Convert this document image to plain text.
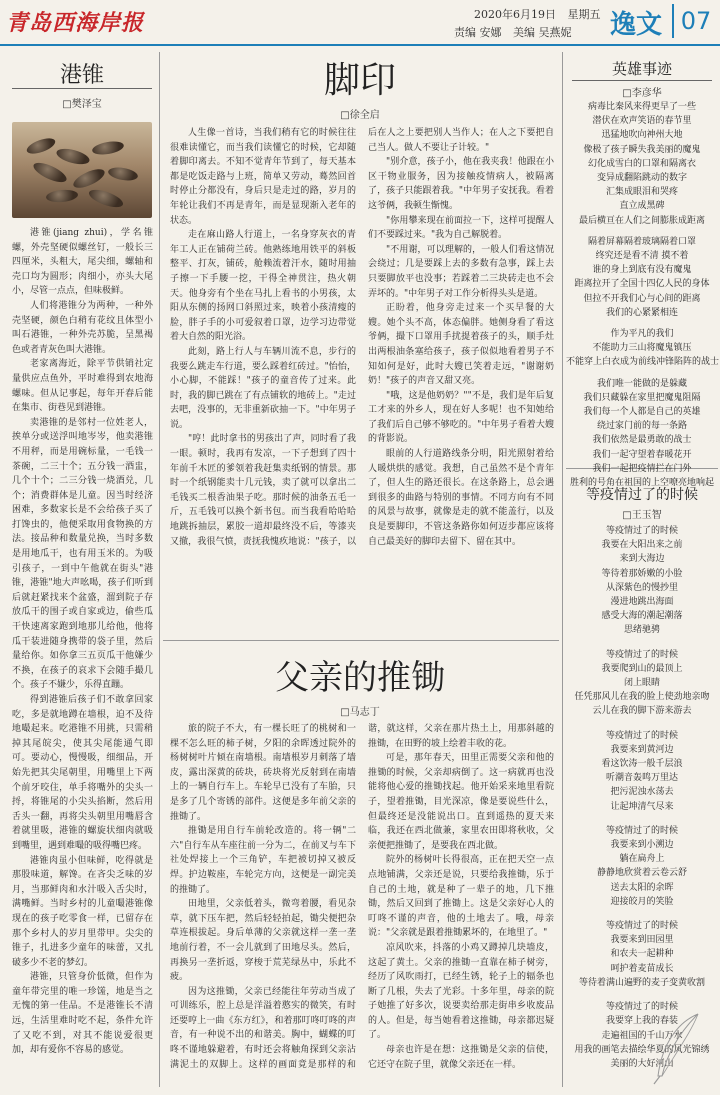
青岛西海岸报	2020年6月19日 星期五
责编 安娜 美编 吴燕妮	逸文 07
港锥
□樊泽宝

港锥(jiang zhui)，学名锥螺，外壳坚硬似螺丝钉，一般长三四厘米，头粗大，尾尖细，螺轴和壳口均为圆形；肉细小，亦头大尾小，尽管一点点，但味极鲜。

人们将港锥分为两种，一种外壳坚硬，颜色白稍有花纹且体型小叫石港锥，一种外壳苏脆，呈黑褐色或者青灰色叫大港锥。

老家离海近，除平节供销社定量供应点鱼外，平时难得到农地海螺味。但从记事起，每年开春后能在集市、街巷见到港锥。

卖港锥的是邻村一位姓老人，挨单分或送浮叫地岑岑，他卖港锥不用秤，而是用碗标量，一毛钱一茶碗，二三十个；五分钱一酒盅，几个十个；二三分钱一烧酒兑，几个；消费群体是儿童。因当时经济困难，多数家长是不会给孩子买了打馋虫的，他便采取用食物换的方法。接品种和数量兑换，当时多数是用地瓜干，也有用玉米的。为吸引孩子，一到中午他就在街头"港锥，港锥"地大声吆喝，孩子们听到后就赶紧找来个盆盛，溜到院子存放瓜干的围子或自家或边，偷些瓜干快速离家跑到地那儿给他，他将瓜干装进随身携带的袋子里，然后量给你。如你拿三五页瓜干他嫌少不换，在孩子的哀求下会随手撮几个。孩子不嫌少，乐得直蹦。

得到港锥后孩子们不敢拿回家吃，多是就地蹲在墙根，迫不及待地嘬起来。吃港锥不用挑，只需稍掉其尾皖尖，使其尖尾能通气即可。要动心，慢慢吸，细细品，开始先把其尖尾朝里，用嘴里上下两个前牙咬住，单手将嘴外的尖头一捋，将锥尾的小尖头掐断，然后用舌头一翻，再将尖头朝里用嘴唇含着就里吸，港锥的螺旋状细肉就吸到嘴里，遇到难嘬的吸得嘴巴疼。

港锥肉虽小但味鲜，吃得就是那股味道，解馋。在吝尖乏味的岁月，当那鲜肉和水汁吸入舌尖时，满嘴鲜。当时乡村的儿童嘬港锥像现在的孩子吃零食一样，已留存在那个乡村人的岁月里带甲。尖尖的锥子，扎进多少童年的味蕾，又扎破多少不老的梦幻。

港锥，只管身价低微，但作为童年带完里的唯一珍馐，地是当之无愧的第一佳品。不是港锥长不清远，生活里难时吃不起，条件允许了又吃不到，对其不能说爱很更加，却有爱你不容易的感觉。

脚印
□徐全启

人生像一首诗，当我们稍有它的时候往往很难读懂它，而当我们读懂它的时候，它却随着脚印离去。不知不觉青年节到了，每天基本都是吃饭走路与上班，简单又劳动，蓦然回首时停止分都没有，身后只是走过的路，岁月的年轮让我们不再是青年，而是显现渐入老年的状态。

走在麻山路人行道上，一名身穿灰衣的青年工人正在铺荷兰砖。他熟练地用铁平的斜板整平、打灰，铺砖，舱赖流着汗水，随时用抽子擦一下手腰一挖，干得全神贯注，热火朝天。他身旁有个坐在马扎上看书的小男孩，太阳从东侧的扬网口斜照过来，映着小孩清瘦的脸，胖子手的小可爱叙着口罩，边学习边带觉着大自然的阳光浴。

此刻，路上行人与车辆川流不息，步行的我要么跳走车行道，要么踩着红砖过。"怡怡，小心脚，不能踩！"孩子的童音传了过来。此时，我的脚已跳在了有点铺软的地砖上。"走过去吧，没事的，无非重新砍抽一下。"中年男子说。

"哼！此时拿书的男孩出了声，同时看了我一眼。顿时，我再有发凉，一下子想到了四十年前千木匠的爹领着我赶集卖纸钢的情景。那时一个纸钢能卖十几元钱，卖了就可以拿出二毛钱买二根香油果子吃。那时候的油条五毛一斤，五毛钱可以换个新书包。而当我看哈哈哈地跳拆抽层，累胶一道却最终没不后，等漆夹又撤，我很气愤，责抚我愧疚地说："孩子，以后在人之上要把别人当作人；在人之下要把自己当人。做人不要让子计较。"

"别介意，孩子小，他在我夹我！他跟在小区干物业服务，因为接触疫情病人，被隔离了，孩子只能跟着我。"中年男子安抚我。看着这爷俩，我顿生惭愧。

"你用攀来现在前面拉一下，这样可提醒人们不要踩过来。"我为自己解脱着。

"不用谢，可以理解的，一般人们看这情况会绕过；几是要踩上去的多数有急事，踩上去只要脚放平也没事；若踩着二三块砖走也不会弄坏的。"中年男子对工作分析得头头是道。

正盼着，他身旁走过来一个买早餐的大嫂。她个头不高，体态偏胖。她侧身看了看这爷俩，撮下口罩用手扰提着孩子的头，顺手灶出两根油条塞给孩子，孩子似似地看着男子不知如何是好，此时大嫂已笑着走远，"谢谢奶奶！"孩子的声音又甜又亮。

"哦，这是他奶奶？""不是，我们是年后复工才来的外乡人，现在好人多呢！也不知她给了我们后自己够不够吃的。"中年男子看着大嫂的背影说。

眼前的人行道路线条分明，阳光照射着给人暖烘烘的感觉。我想，自己虽然不是个青年了，但人生的路还很长。在这条路上，总会遇到很多的曲路与特别的事情。不同方向有不同的风景与故事，就像是走的就不能盖行，以及良是要脚印，不管这条路你如何迈步都应该将自己最美好的脚印去留下、留在其中。

父亲的推锄
□马志丁

旅的院子不大，有一棵长旺了的桃树和一棵不怎么旺的柿子树，夕阳的余晖透过院外的杨树树叶片倾在南墙根。南墙根岁月刺落了墙皮，露出深黄的砖块，砖块将光反射到在南墙上的一辆自行车上。车轮早已没有了车胎，只是多了几个寄锈的部件。这便是多年前父亲的推锄了。

推锄是用自行车前轮改造的。将一辆"二六"自行车从车座往前一分为二，在前叉与车下社处焊接上一个三角铲，车把被切掉又被反焊。护边鞍座，车轮完方向，这便是一副完美的推锄了。

田地里，父亲低着头，微弯着腰，看见杂草，就下压车把，然后轻轻拍起，锄尖便把杂草连根拔起。身后单薄的父亲就这样一垄一垄地前行着，不一会儿就到了田地尽头。然后，再换另一垄折返，穿梭于荒芜绿丛中，乐此不疲。

因为这推锄，父亲已经能往年劳动当成了可训练乐，腔上总是洋溢着憨实的微笑，有时还要哼上一曲《东方红》，和着那叮咚叮咚的声音，有一种说不出的和谐美。胸中，蝴蝶的叮咚不谨地躲避着，有时还会将触角探到父亲沾满泥土的双脚上。这样的画面竟是那样的和谐，就这样，父亲在那片热土上，用那斜越的推锄，在田野的坡上绘着丰收的花。

可是，那年春天，田里正需要父亲和他的推锄的时候，父亲却病倒了。这一病就再也没能将他心爱的推锄找起。他开始采来地里看院子，望着推锄，目光深凉，像是要说些什么，但最终还是没能说出口。直到遥热的夏天来临，我还在西北做兼，家里农田即将秋收，父亲便把推锄了，是要我在西北做。

院外的杨树叶长得很高，正在把天空一点点地铺满，父亲还是说，只要给我推锄，乐于自己的土地，就是种了一辈子的地，几下推锄，然后又回到了推锄上。这是父亲好心人的叮咚不谨的声音，他的土地去了。哦，母亲说："父亲就是跟着推锄累坏的，在地里了。"

凉风吹来，抖落的小鸡又蹲掉几块墙皮，这起了黄土。父亲的推锄一直靠在柿子树旁，经历了风吹雨打，已经生锈，轮子上的辐条也断了几根，失去了光彩。十多年里，母亲的院子她推了好多次，说要卖给那走街串乡收废品的人。但是，每当她看着这推锄，母亲都迟疑了。

母亲也许是在想：这推锄是父亲的信使，它还守在院子里，就像父亲还在一样。

英雄事迹
□李彦华
病毒比秦风来得更早了一些
潜伏在欢声笑语的春节里
迅猛地吹向神州大地
像极了孩子瞬失我美丽的魔鬼
幻化成雪白的口罩和隔离衣
变异成翻陷跳动的数字
汇集成眼泪和哭疼
直立成黑碑
最后横亘在人们之间膨胀成距离
隔着屏幕隔着玻璃隔着口罩
终究还是看不清 摸不着
谁的身上到底有没有魔鬼
距离拉开了全国十四亿人民的身体
但拉不开我们心与心间的距离
我们的心紧紧相连
作为平凡的我们
不能助力三山将魔鬼镇压
不能穿上白衣成为前线冲锋陷阵的战士
我们唯一能做的是躲藏
我们只藏躲在家里把魔鬼阻隔
我们每一个人都是自己的英雄
绕过家门前的每一条路
我们依然是最勇敢的战士
我们一起守望着春暖花开
我们一起把疫情拦在门外
胜利的号角在祖国的上空嘹亮地响起
等疫情过了的时候
□王玉智
等疫情过了的时候
我要在大阳出来之前
来到大海边
等待着那娇嫩的小脸
从深紫色的慢抄里
漫进地跳出海面
感受大海的潮起潮落
思绪驰骋
等疫情过了的时候
我要爬到山的最顶上
闭上眼睛
任凭那风儿在我的脸上使劲地亲吻
云儿在我的脚下游来游去
等疫情过了的时候
我要来到黄河边
看这饮涛一般千层浪
听潮音轰鸣万里达
把污泥浊水荡去
让起坤清气尽来
等疫情过了的时候
我要来到小溯边
躺在扁舟上
静静地欣赏着云卷云舒
送去太阳的余晖
迎接皎月的笑脸
等疫情过了的时候
我要来到田园里
和农夫一起耕种
呵护着麦苗成长
等待着满山遍野的麦子变黄收割
等疫情过了的时候
我要穿上我的春装
走遍祖国的千山万水
用我的画笔去描绘华夏的风光锦绣
美丽的大好河山
